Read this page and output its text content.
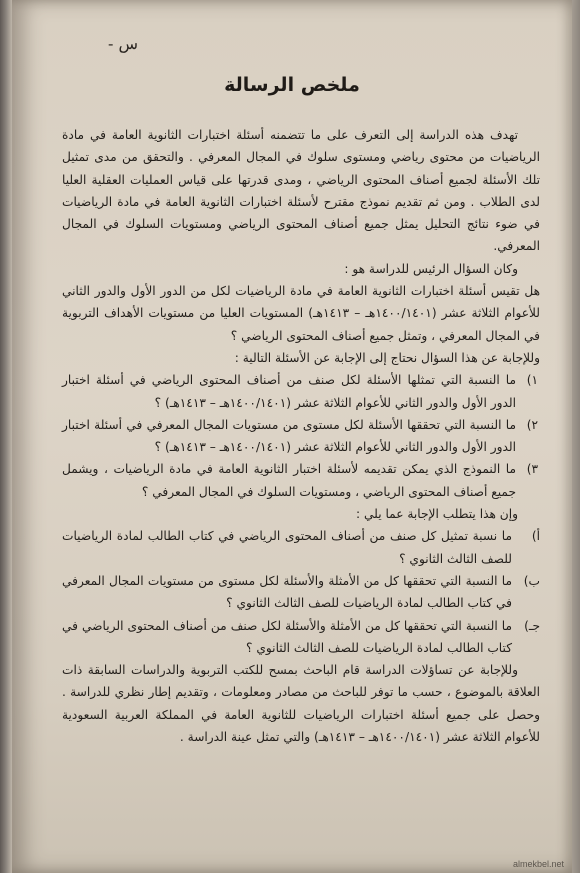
س -
ملخص الرسالة

تهدف هذه الدراسة إلى التعرف على ما تتضمنه أسئلة اختبارات الثانوية العامة في مادة الرياضيات من محتوى رياضي ومستوى سلوك في المجال المعرفي . والتحقق من مدى تمثيل تلك الأسئلة لجميع أصناف المحتوى الرياضي ، ومدى قدرتها على قياس العمليات العقلية العليا لدى الطلاب . ومن ثم تقديم نموذج مقترح لأسئلة اختبارات الثانوية العامة في مادة الرياضيات في ضوء نتائج التحليل يمثل جميع أصناف المحتوى الرياضي ومستويات السلوك في المجال المعرفي.

وكان السؤال الرئيس للدراسة هو :

هل تقيس أسئلة اختبارات الثانوية العامة في مادة الرياضيات لكل من الدور الأول والدور الثاني للأعوام الثلاثة عشر (١٤٠٠/١٤٠١هـ – ١٤١٣هـ) المستويات العليا من مستويات الأهداف التربوية في المجال المعرفي ، وتمثل جميع أصناف المحتوى الرياضي ؟

وللإجابة عن هذا السؤال نحتاج إلى الإجابة عن الأسئلة التالية :

١)
ما النسبة التي تمثلها الأسئلة لكل صنف من أصناف المحتوى الرياضي في أسئلة اختبار الدور الأول والدور الثاني للأعوام الثلاثة عشر (١٤٠٠/١٤٠١هـ – ١٤١٣هـ) ؟
٢)
ما النسبة التي تحققها الأسئلة لكل مستوى من مستويات المجال المعرفي في أسئلة اختبار الدور الأول والدور الثاني للأعوام الثلاثة عشر (١٤٠٠/١٤٠١هـ – ١٤١٣هـ) ؟
٣)
ما النموذج الذي يمكن تقديمه لأسئلة اختبار الثانوية العامة في مادة الرياضيات ، ويشمل جميع أصناف المحتوى الرياضي ، ومستويات السلوك في المجال المعرفي ؟

وإن هذا يتطلب الإجابة عما يلي :

أ)
ما نسبة تمثيل كل صنف من أصناف المحتوى الرياضي في كتاب الطالب لمادة الرياضيات للصف الثالث الثانوي ؟
ب)
ما النسبة التي تحققها كل من الأمثلة والأسئلة لكل مستوى من مستويات المجال المعرفي في كتاب الطالب لمادة الرياضيات للصف الثالث الثانوي ؟
جـ)
ما النسبة التي تحققها كل من الأمثلة والأسئلة لكل صنف من أصناف المحتوى الرياضي في كتاب الطالب لمادة الرياضيات للصف الثالث الثانوي ؟

وللإجابة عن تساؤلات الدراسة قام الباحث بمسح للكتب التربوية والدراسات السابقة ذات العلاقة بالموضوع ، حسب ما توفر للباحث من مصادر ومعلومات ، وتقديم إطار نظري للدراسة . وحصل على جميع أسئلة اختبارات الرياضيات للثانوية العامة في المملكة العربية السعودية للأعوام الثلاثة عشر (١٤٠٠/١٤٠١هـ – ١٤١٣هـ) والتي تمثل عينة الدراسة .

almekbel.net
